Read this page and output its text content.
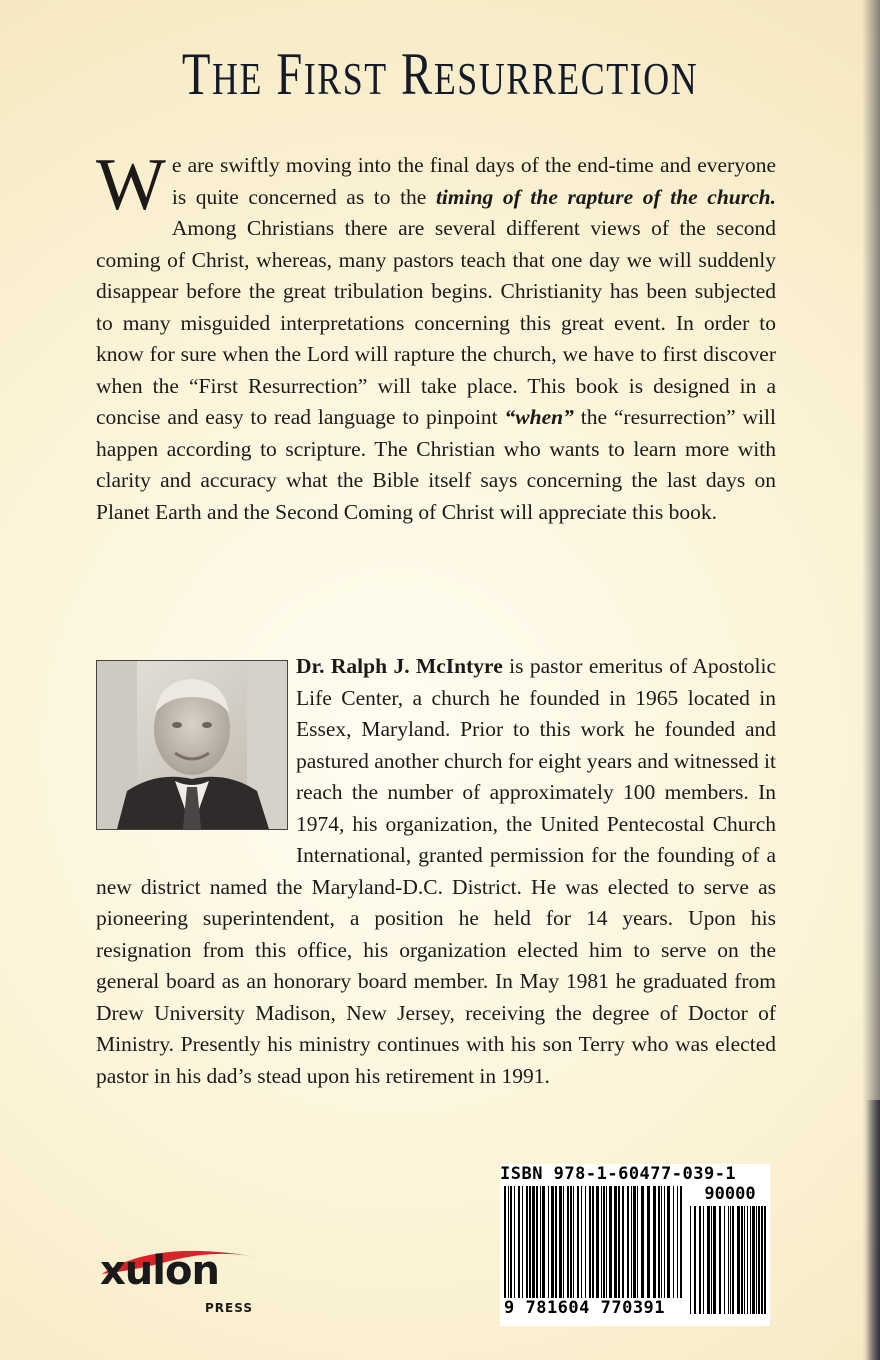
THE FIRST RESURRECTION

We are swiftly moving into the final days of the end-time and everyone is quite concerned as to the timing of the rapture of the church. Among Christians there are several different views of the second coming of Christ, whereas, many pastors teach that one day we will suddenly disappear before the great tribulation begins. Christianity has been subjected to many misguided interpretations concerning this great event. In order to know for sure when the Lord will rapture the church, we have to first discover when the “First Resurrection” will take place. This book is designed in a concise and easy to read language to pinpoint “when” the “resurrection” will happen according to scripture. The Christian who wants to learn more with clarity and accuracy what the Bible itself says concerning the last days on Planet Earth and the Second Coming of Christ will appreciate this book.

Dr. Ralph J. McIntyre is pastor emeritus of Apostolic Life Center, a church he founded in 1965 located in Essex, Maryland. Prior to this work he founded and pastured another church for eight years and witnessed it reach the number of approximately 100 members. In 1974, his organization, the United Pentecostal Church International, granted permission for the founding of a new district named the Maryland-D.C. District. He was elected to serve as pioneering superintendent, a position he held for 14 years. Upon his resignation from this office, his organization elected him to serve on the general board as an honorary board member. In May 1981 he graduated from Drew University Madison, New Jersey, receiving the degree of Doctor of Ministry. Presently his ministry continues with his son Terry who was elected pastor in his dad’s stead upon his retirement in 1991.

ISBN 978-1-60477-039-1
90000
9 781604 770391
xulon
PRESS
